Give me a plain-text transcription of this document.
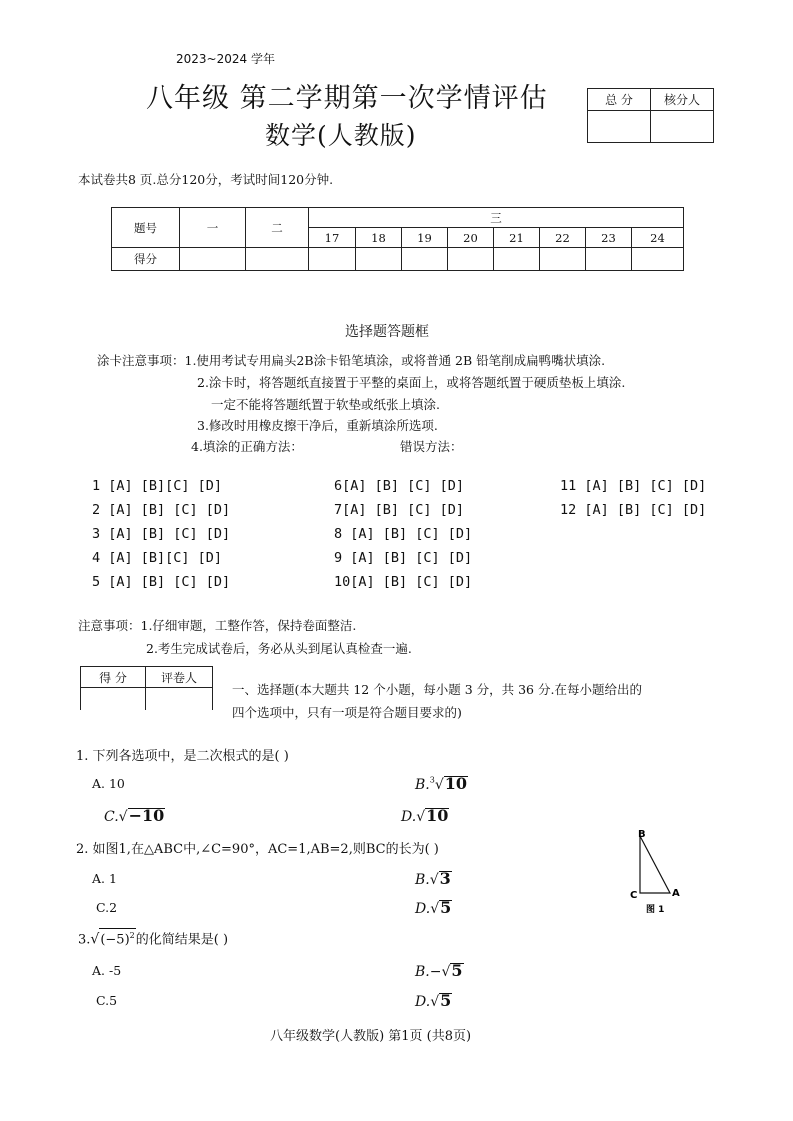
2023~2024 学年
八年级 第二学期第一次学情评估
数学(人教版)
总 分	核分人

本试卷共8 页.总分120分，考试时间120分钟.
题号	一	二	三							
			17	18	19	20	21	22	23	24
得分										
选择题答题框
涂卡注意事项：1.使用考试专用扁头2B涂卡铅笔填涂，或将普通 2B 铅笔削成扁鸭嘴状填涂.
2.涂卡时，将答题纸直接置于平整的桌面上，或将答题纸置于硬质垫板上填涂.
一定不能将答题纸置于软垫或纸张上填涂.
3.修改时用橡皮擦干净后，重新填涂所选项.
4.填涂的正确方法：	错误方法：
1 [A] [B][C] [D]
2 [A] [B] [C] [D]
3 [A] [B] [C] [D]
4 [A] [B][C] [D]
5 [A] [B] [C] [D]
6[A] [B] [C] [D]
7[A] [B] [C] [D]
8 [A] [B] [C] [D]
9 [A] [B] [C] [D]
10[A] [B] [C] [D]
11 [A] [B] [C] [D]
12 [A] [B] [C] [D]
注意事项：1.仔细审题，工整作答，保持卷面整洁.
2.考生完成试卷后，务必从头到尾认真检查一遍.
得 分	评卷人

一、选择题(本大题共 12 个小题，每小题 3 分，共 36 分.在每小题给出的
四个选项中，只有一项是符合题目要求的)
1. 下列各选项中，是二次根式的是( )
A. 10	B.$^3$√10
C.√−10	D.√10
2. 如图1,在△ABC中,∠C=90°，AC=1,AB=2,则BC的长为( )
A. 1	B.√3
C.2	D.√5
B
C	A
图 1
$3.√(-5)^2$的化简结果是( )
A. -5	B.−√5
C.5	D.√5
八年级数学(人教版) 第1页 (共8页)
